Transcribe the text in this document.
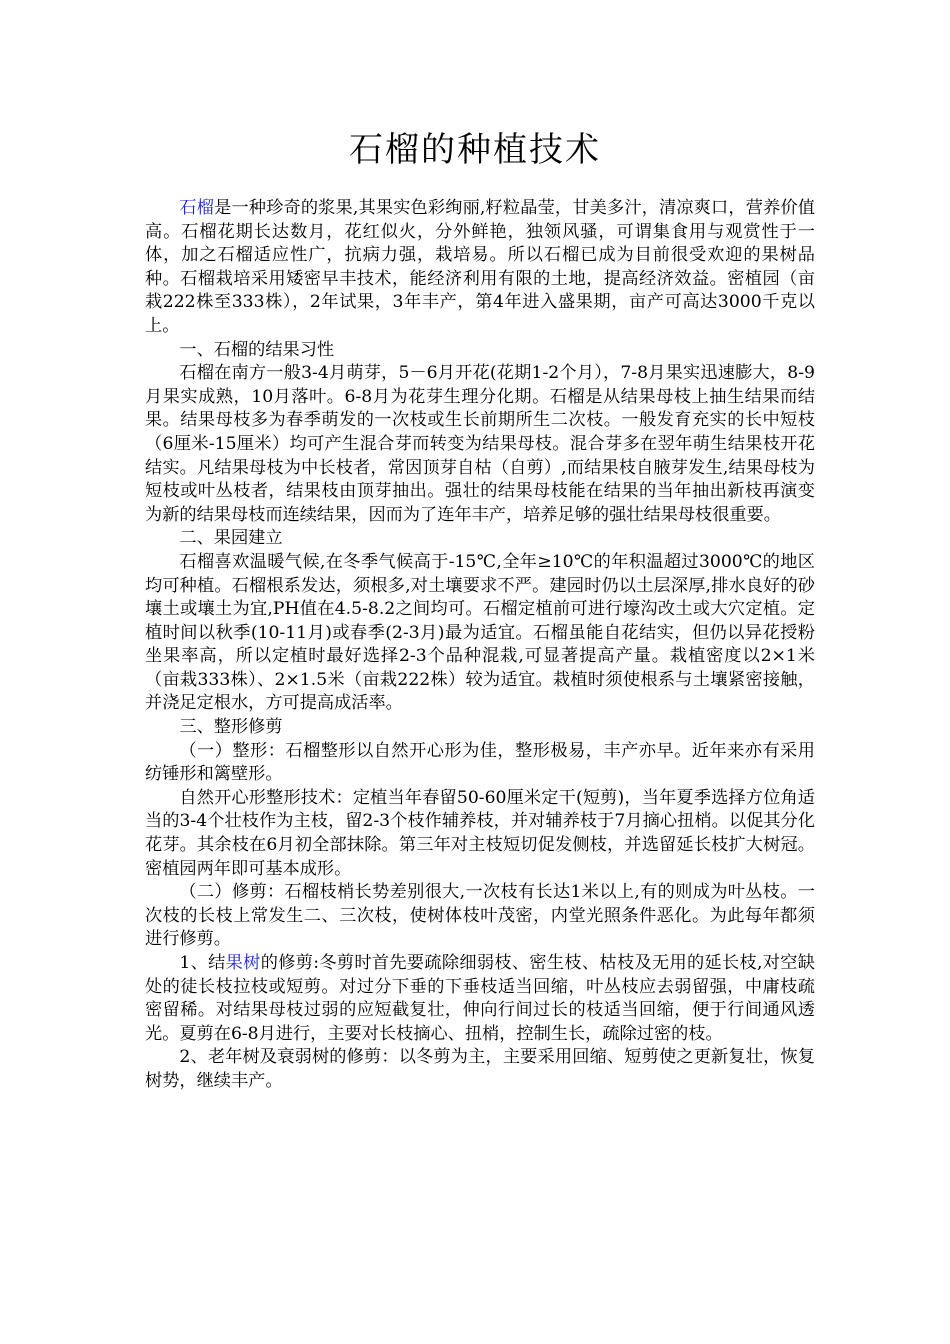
石榴的种植技术

石榴是一种珍奇的浆果,其果实色彩绚丽,籽粒晶莹，甘美多汁，清凉爽口，营养价值高。石榴花期长达数月，花红似火，分外鲜艳，独领风骚，可谓集食用与观赏性于一体，加之石榴适应性广，抗病力强，栽培易。所以石榴已成为目前很受欢迎的果树品种。石榴栽培采用矮密早丰技术，能经济利用有限的土地，提高经济效益。密植园（亩栽222株至333株），2年试果，3年丰产，第4年进入盛果期，亩产可高达3000千克以上。

一、石榴的结果习性

石榴在南方一般3-4月萌芽，5－6月开花(花期1-2个月），7-8月果实迅速膨大，8-9月果实成熟，10月落叶。6-8月为花芽生理分化期。石榴是从结果母枝上抽生结果而结果。结果母枝多为春季萌发的一次枝或生长前期所生二次枝。一般发育充实的长中短枝（6厘米-15厘米）均可产生混合芽而转变为结果母枝。混合芽多在翌年萌生结果枝开花结实。凡结果母枝为中长枝者，常因顶芽自枯（自剪）,而结果枝自腋芽发生,结果母枝为短枝或叶丛枝者，结果枝由顶芽抽出。强壮的结果母枝能在结果的当年抽出新枝再演变为新的结果母枝而连续结果，因而为了连年丰产，培养足够的强壮结果母枝很重要。

二、果园建立

石榴喜欢温暖气候,在冬季气候高于-15℃,全年≥10℃的年积温超过3000℃的地区均可种植。石榴根系发达，须根多,对土壤要求不严。建园时仍以土层深厚,排水良好的砂壤土或壤土为宜,PH值在4.5-8.2之间均可。石榴定植前可进行壕沟改土或大穴定植。定植时间以秋季(10-11月)或春季(2-3月)最为适宜。石榴虽能自花结实，但仍以异花授粉坐果率高，所以定植时最好选择2-3个品种混栽,可显著提高产量。栽植密度以2×1米（亩栽333株）、2×1.5米（亩栽222株）较为适宜。栽植时须使根系与土壤紧密接触，并浇足定根水，方可提高成活率。

三、整形修剪

（一）整形：石榴整形以自然开心形为佳，整形极易，丰产亦早。近年来亦有采用纺锤形和篱壁形。

自然开心形整形技术：定植当年春留50-60厘米定干(短剪)，当年夏季选择方位角适当的3-4个壮枝作为主枝，留2-3个枝作辅养枝，并对辅养枝于7月摘心扭梢。以促其分化花芽。其余枝在6月初全部抹除。第三年对主枝短切促发侧枝，并选留延长枝扩大树冠。密植园两年即可基本成形。

（二）修剪：石榴枝梢长势差别很大,一次枝有长达1米以上,有的则成为叶丛枝。一次枝的长枝上常发生二、三次枝，使树体枝叶茂密，内堂光照条件恶化。为此每年都须进行修剪。

1、结果树的修剪:冬剪时首先要疏除细弱枝、密生枝、枯枝及无用的延长枝,对空缺处的徒长枝拉枝或短剪。对过分下垂的下垂枝适当回缩，叶丛枝应去弱留强，中庸枝疏密留稀。对结果母枝过弱的应短截复壮，伸向行间过长的枝适当回缩，便于行间通风透光。夏剪在6-8月进行，主要对长枝摘心、扭梢，控制生长，疏除过密的枝。

2、老年树及衰弱树的修剪：以冬剪为主，主要采用回缩、短剪使之更新复壮，恢复树势，继续丰产。
